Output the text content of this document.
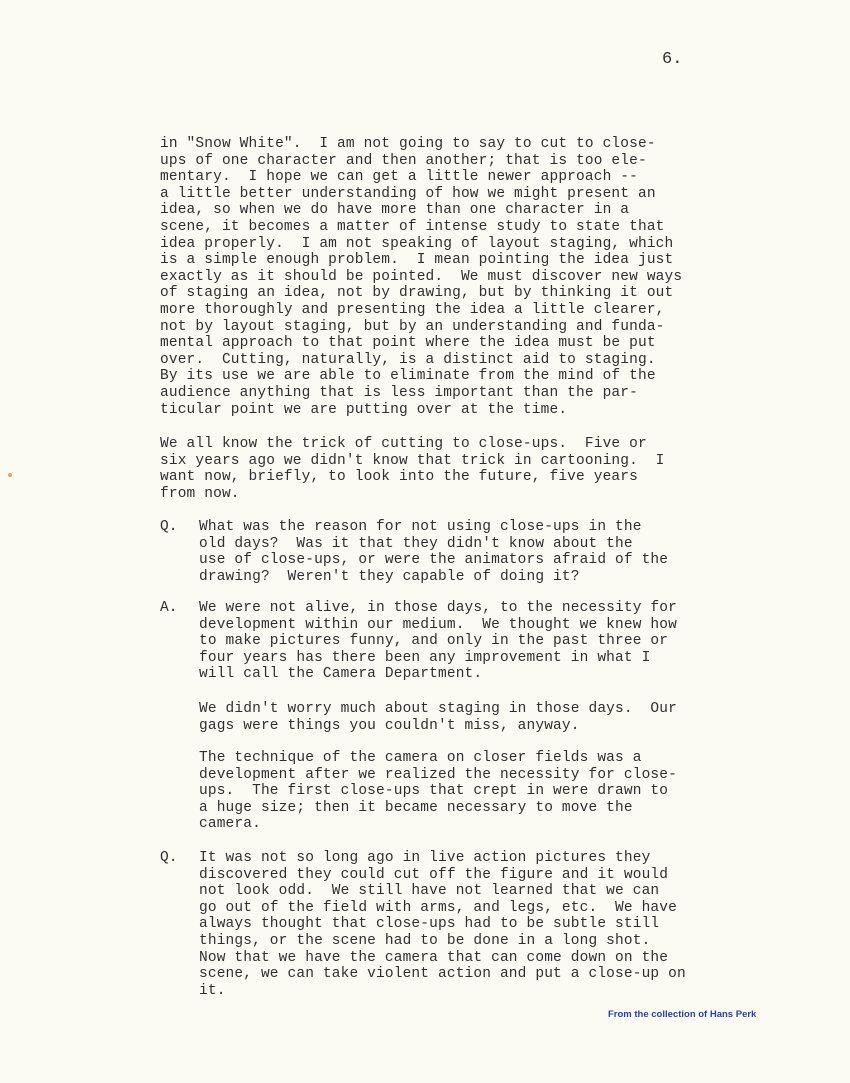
6.

in "Snow White".  I am not going to say to cut to close-
ups of one character and then another; that is too ele-
mentary.  I hope we can get a little newer approach --
a little better understanding of how we might present an
idea, so when we do have more than one character in a
scene, it becomes a matter of intense study to state that
idea properly.  I am not speaking of layout staging, which
is a simple enough problem.  I mean pointing the idea just
exactly as it should be pointed.  We must discover new ways
of staging an idea, not by drawing, but by thinking it out
more thoroughly and presenting the idea a little clearer,
not by layout staging, but by an understanding and funda-
mental approach to that point where the idea must be put
over.  Cutting, naturally, is a distinct aid to staging.
By its use we are able to eliminate from the mind of the
audience anything that is less important than the par-
ticular point we are putting over at the time.

We all know the trick of cutting to close-ups.  Five or
six years ago we didn't know that trick in cartooning.  I
want now, briefly, to look into the future, five years
from now.

Q. What was the reason for not using close-ups in the
old days?  Was it that they didn't know about the
use of close-ups, or were the animators afraid of the
drawing?  Weren't they capable of doing it?

A. We were not alive, in those days, to the necessity for
development within our medium.  We thought we knew how
to make pictures funny, and only in the past three or
four years has there been any improvement in what I
will call the Camera Department.

We didn't worry much about staging in those days.  Our
gags were things you couldn't miss, anyway.

The technique of the camera on closer fields was a
development after we realized the necessity for close-
ups.  The first close-ups that crept in were drawn to
a huge size; then it became necessary to move the
camera.

Q. It was not so long ago in live action pictures they
discovered they could cut off the figure and it would
not look odd.  We still have not learned that we can
go out of the field with arms, and legs, etc.  We have
always thought that close-ups had to be subtle still
things, or the scene had to be done in a long shot.
Now that we have the camera that can come down on the
scene, we can take violent action and put a close-up on
it.

From the collection of Hans Perk
